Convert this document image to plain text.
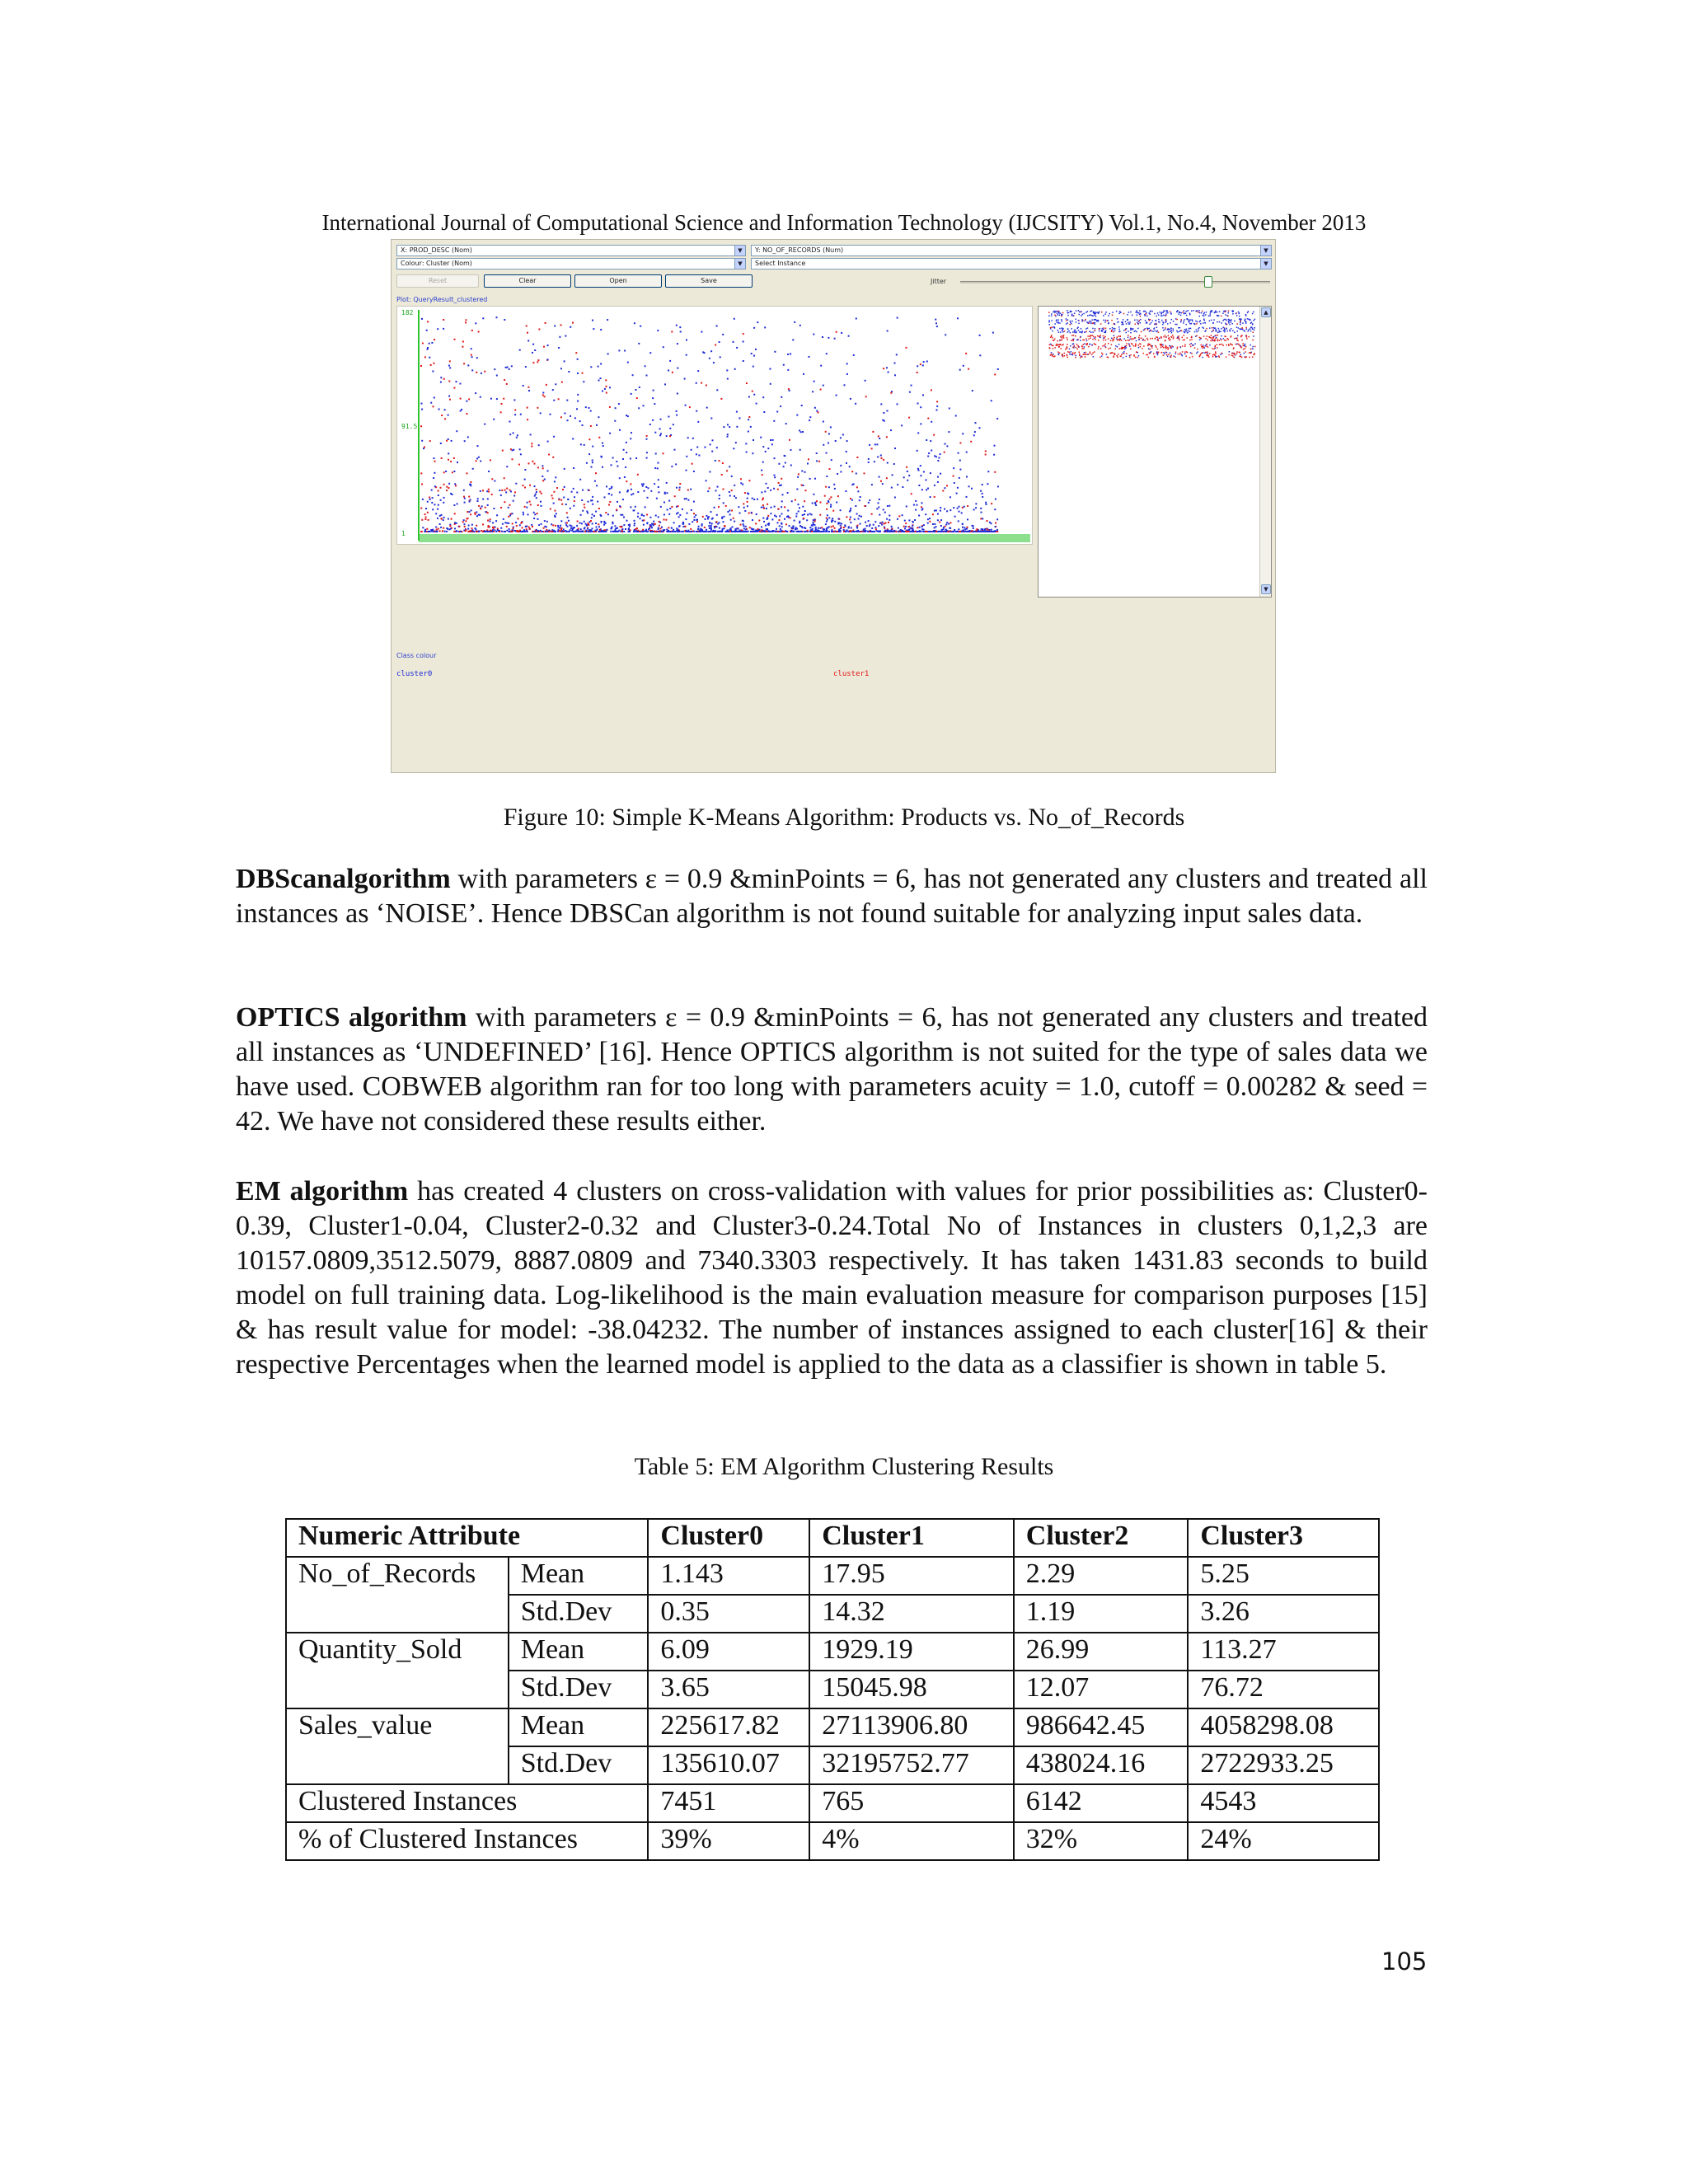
International Journal of Computational Science and Information Technology (IJCSITY) Vol.1, No.4, November 2013
X: PROD_DESC (Nom)	▼	Y: NO_OF_RECORDS (Num)	▼
Colour: Cluster (Nom)	▼	Select Instance	▼
Reset	Clear	Open	Save	Jitter
Plot: QueryResult_clustered
182
91.5
1
▲
▼
Class colour
cluster0	cluster1
Figure 10: Simple K-Means Algorithm: Products vs. No_of_Records
DBScanalgorithm with parameters ε = 0.9 &minPoints = 6, has not generated any clusters and treated all instances as ‘NOISE’. Hence DBSCan algorithm is not found suitable for analyzing input sales data.
OPTICS algorithm with parameters ε = 0.9 &minPoints = 6, has not generated any clusters and treated all instances as ‘UNDEFINED’ [16]. Hence OPTICS algorithm is not suited for the type of sales data we have used. COBWEB algorithm ran for too long with parameters acuity = 1.0, cutoff = 0.00282 & seed = 42. We have not considered these results either.
EM algorithm has created 4 clusters on cross-validation with values for prior possibilities as: Cluster0-0.39, Cluster1-0.04, Cluster2-0.32 and Cluster3-0.24.Total No of Instances in clusters 0,1,2,3 are 10157.0809,3512.5079, 8887.0809 and 7340.3303 respectively. It has taken 1431.83 seconds to build model on full training data. Log-likelihood is the main evaluation measure for comparison purposes [15] & has result value for model: -38.04232. The number of instances assigned to each cluster[16] & their respective Percentages when the learned model is applied to the data as a classifier is shown in table 5.
Table 5: EM Algorithm Clustering Results
Numeric Attribute		Cluster0	Cluster1	Cluster2	Cluster3
No_of_Records	Mean	1.143	17.95	2.29	5.25
	Std.Dev	0.35	14.32	1.19	3.26
Quantity_Sold	Mean	6.09	1929.19	26.99	113.27
	Std.Dev	3.65	15045.98	12.07	76.72
Sales_value	Mean	225617.82	27113906.80	986642.45	4058298.08
	Std.Dev	135610.07	32195752.77	438024.16	2722933.25
Clustered Instances		7451	765	6142	4543
% of Clustered Instances		39%	4%	32%	24%
105
